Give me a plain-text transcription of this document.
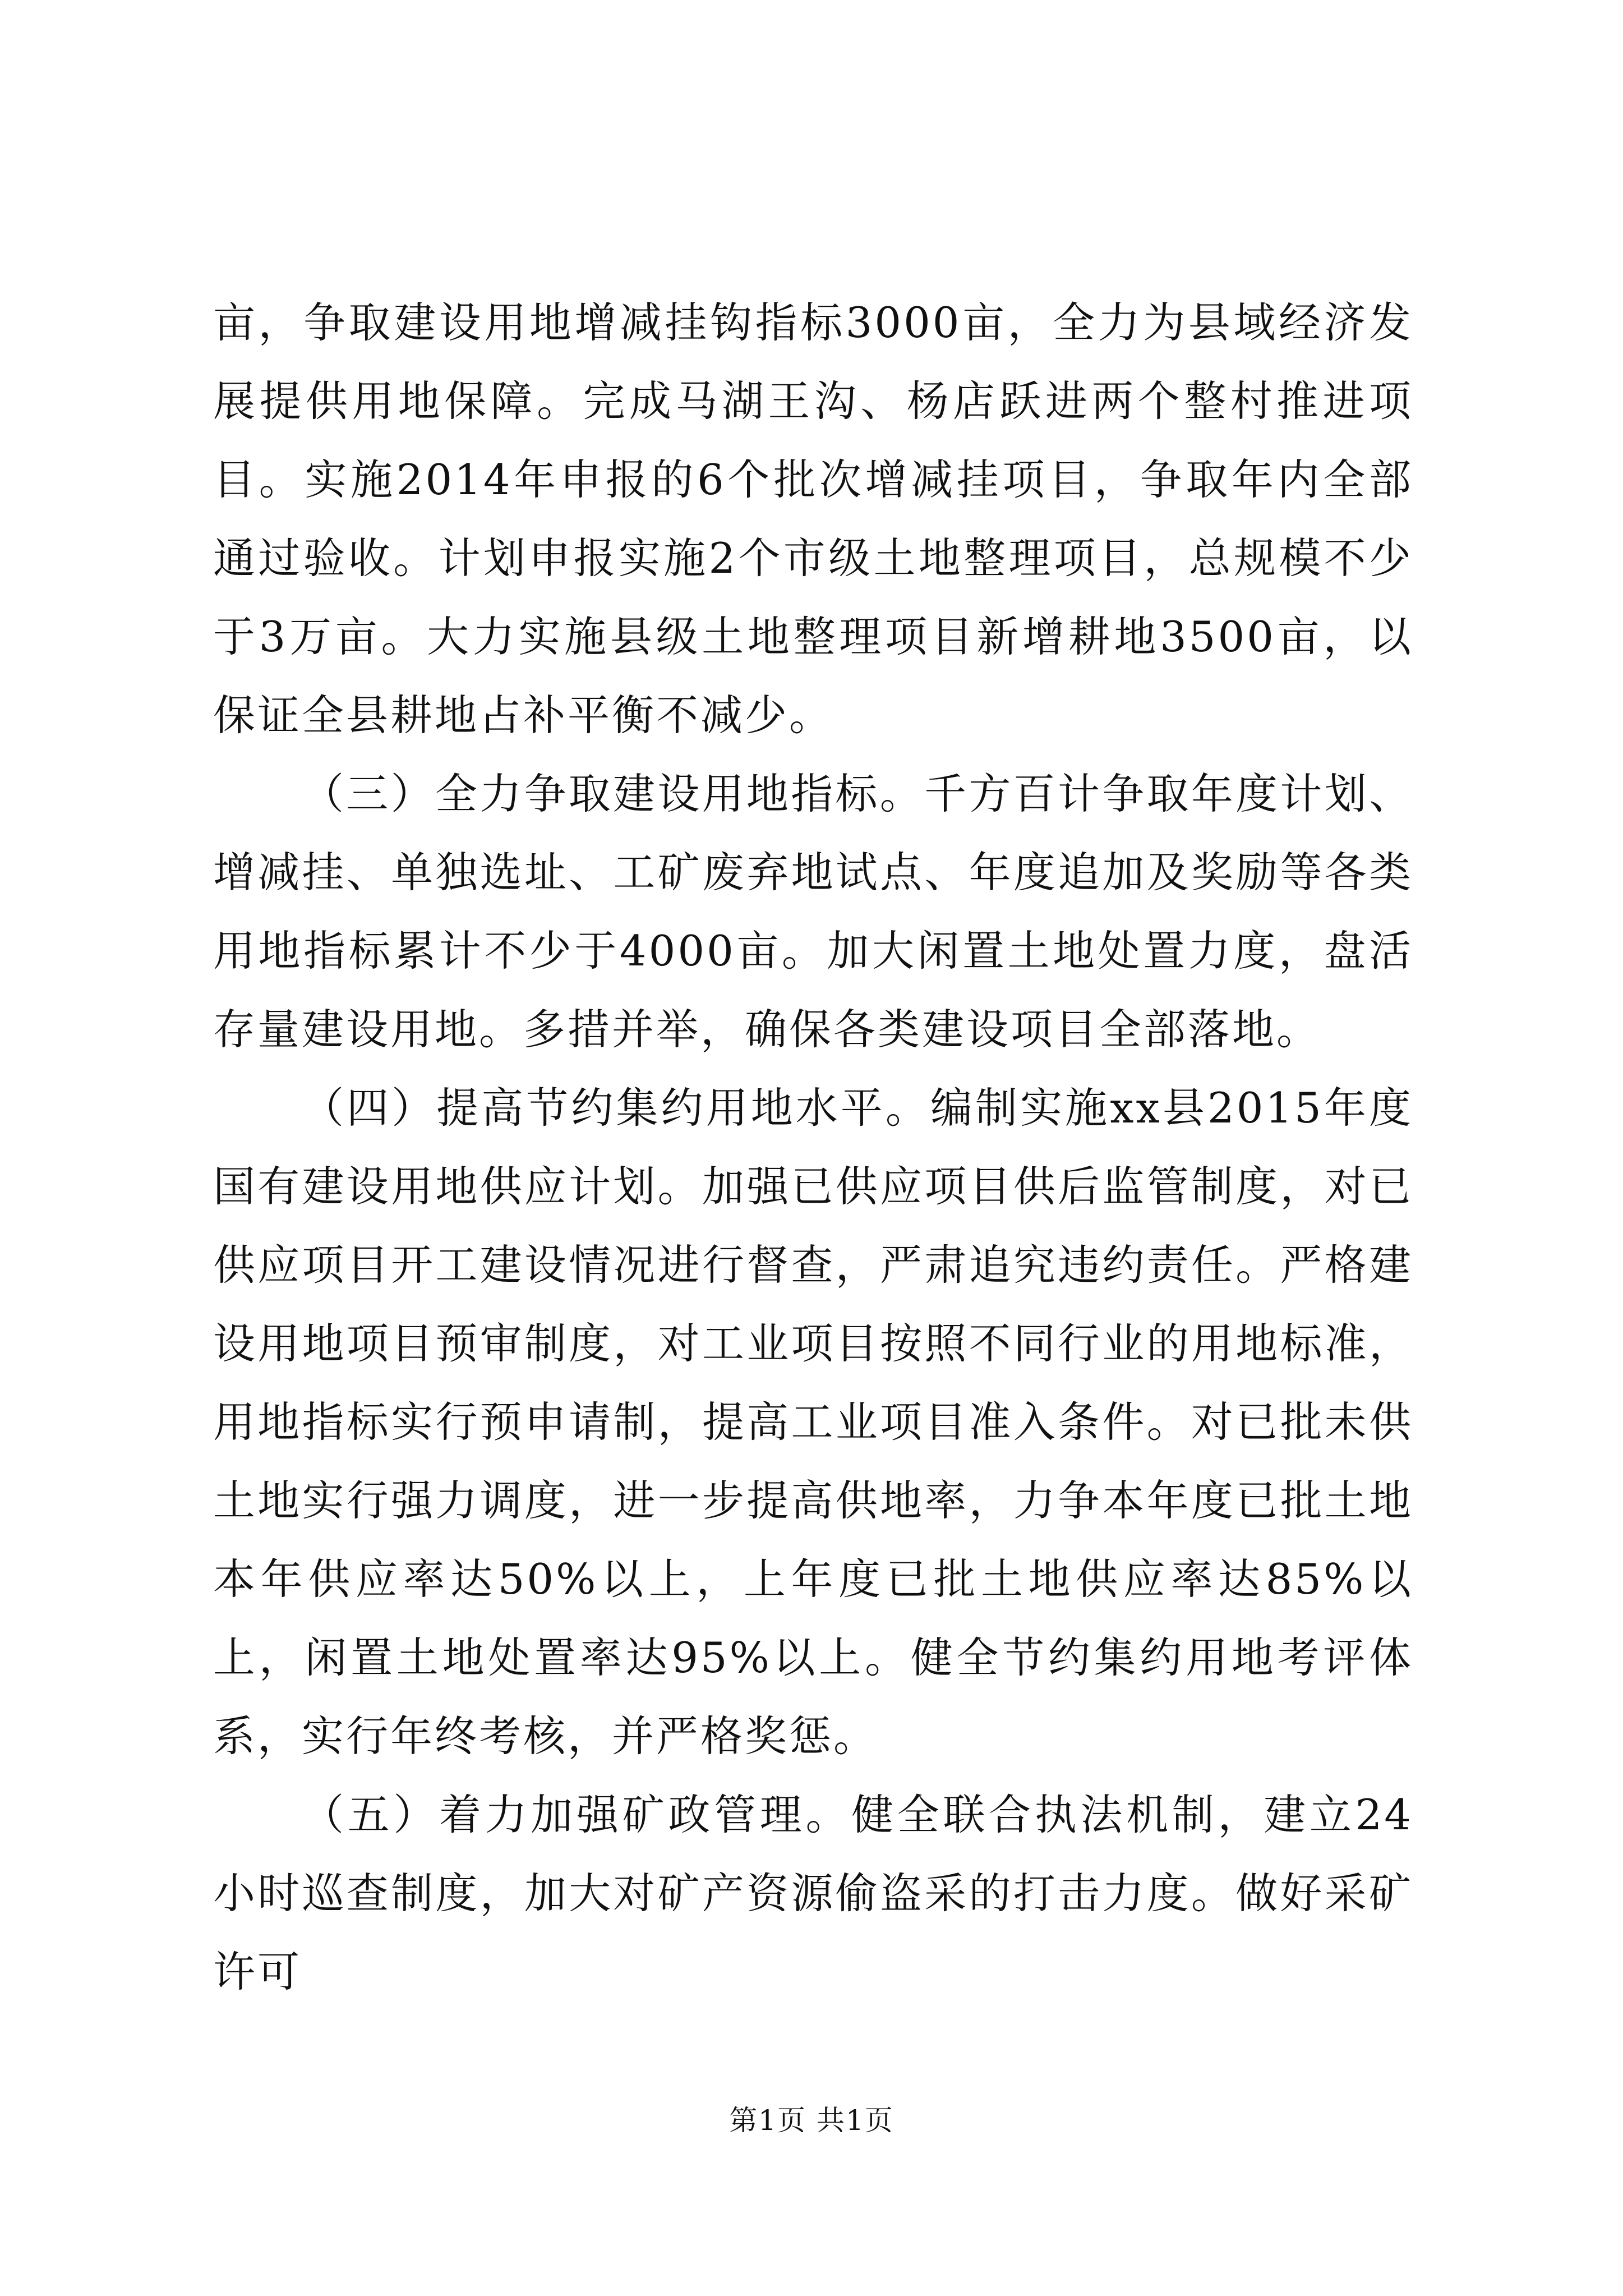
亩，争取建设用地增减挂钩指标3000亩，全力为县域经济发展提供用地保障。完成马湖王沟、杨店跃进两个整村推进项目。实施2014年申报的6个批次增减挂项目，争取年内全部通过验收。计划申报实施2个市级土地整理项目，总规模不少于3万亩。大力实施县级土地整理项目新增耕地3500亩，以保证全县耕地占补平衡不减少。

（三）全力争取建设用地指标。千方百计争取年度计划、增减挂、单独选址、工矿废弃地试点、年度追加及奖励等各类用地指标累计不少于4000亩。加大闲置土地处置力度，盘活存量建设用地。多措并举，确保各类建设项目全部落地。

（四）提高节约集约用地水平。编制实施xx县2015年度国有建设用地供应计划。加强已供应项目供后监管制度，对已供应项目开工建设情况进行督查，严肃追究违约责任。严格建设用地项目预审制度，对工业项目按照不同行业的用地标准，用地指标实行预申请制，提高工业项目准入条件。对已批未供土地实行强力调度，进一步提高供地率，力争本年度已批土地本年供应率达50%以上，上年度已批土地供应率达85%以上，闲置土地处置率达95%以上。健全节约集约用地考评体系，实行年终考核，并严格奖惩。

（五）着力加强矿政管理。健全联合执法机制，建立24小时巡查制度，加大对矿产资源偷盗采的打击力度。做好采矿许可

第1页 共1页
